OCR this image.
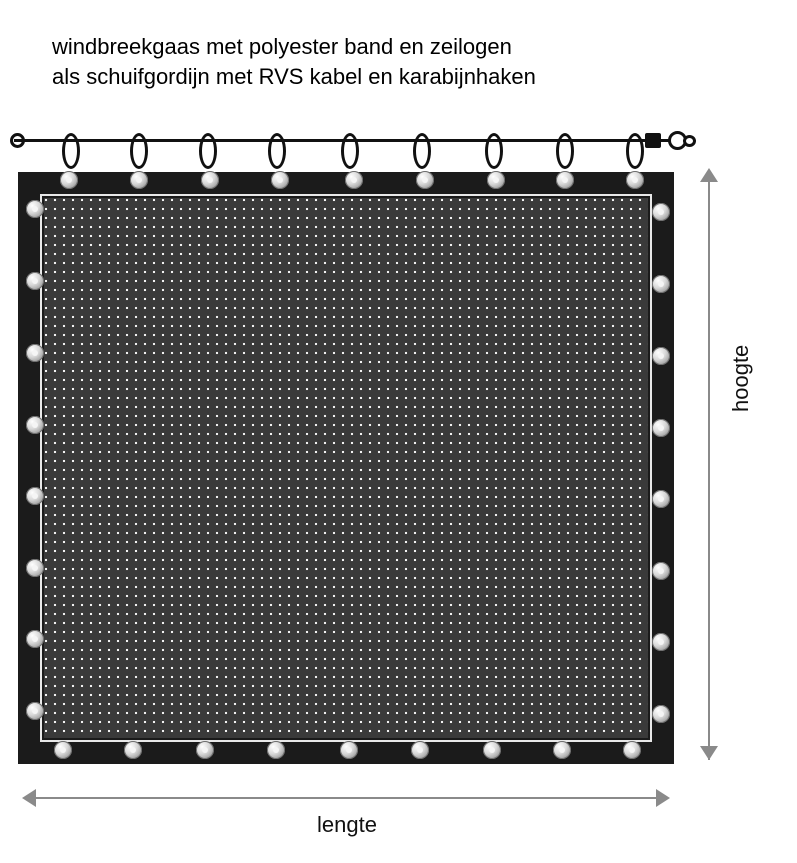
windbreekgaas met polyester band en zeilogen
als schuifgordijn met RVS kabel en karabijnhaken
hoogte
lengte
